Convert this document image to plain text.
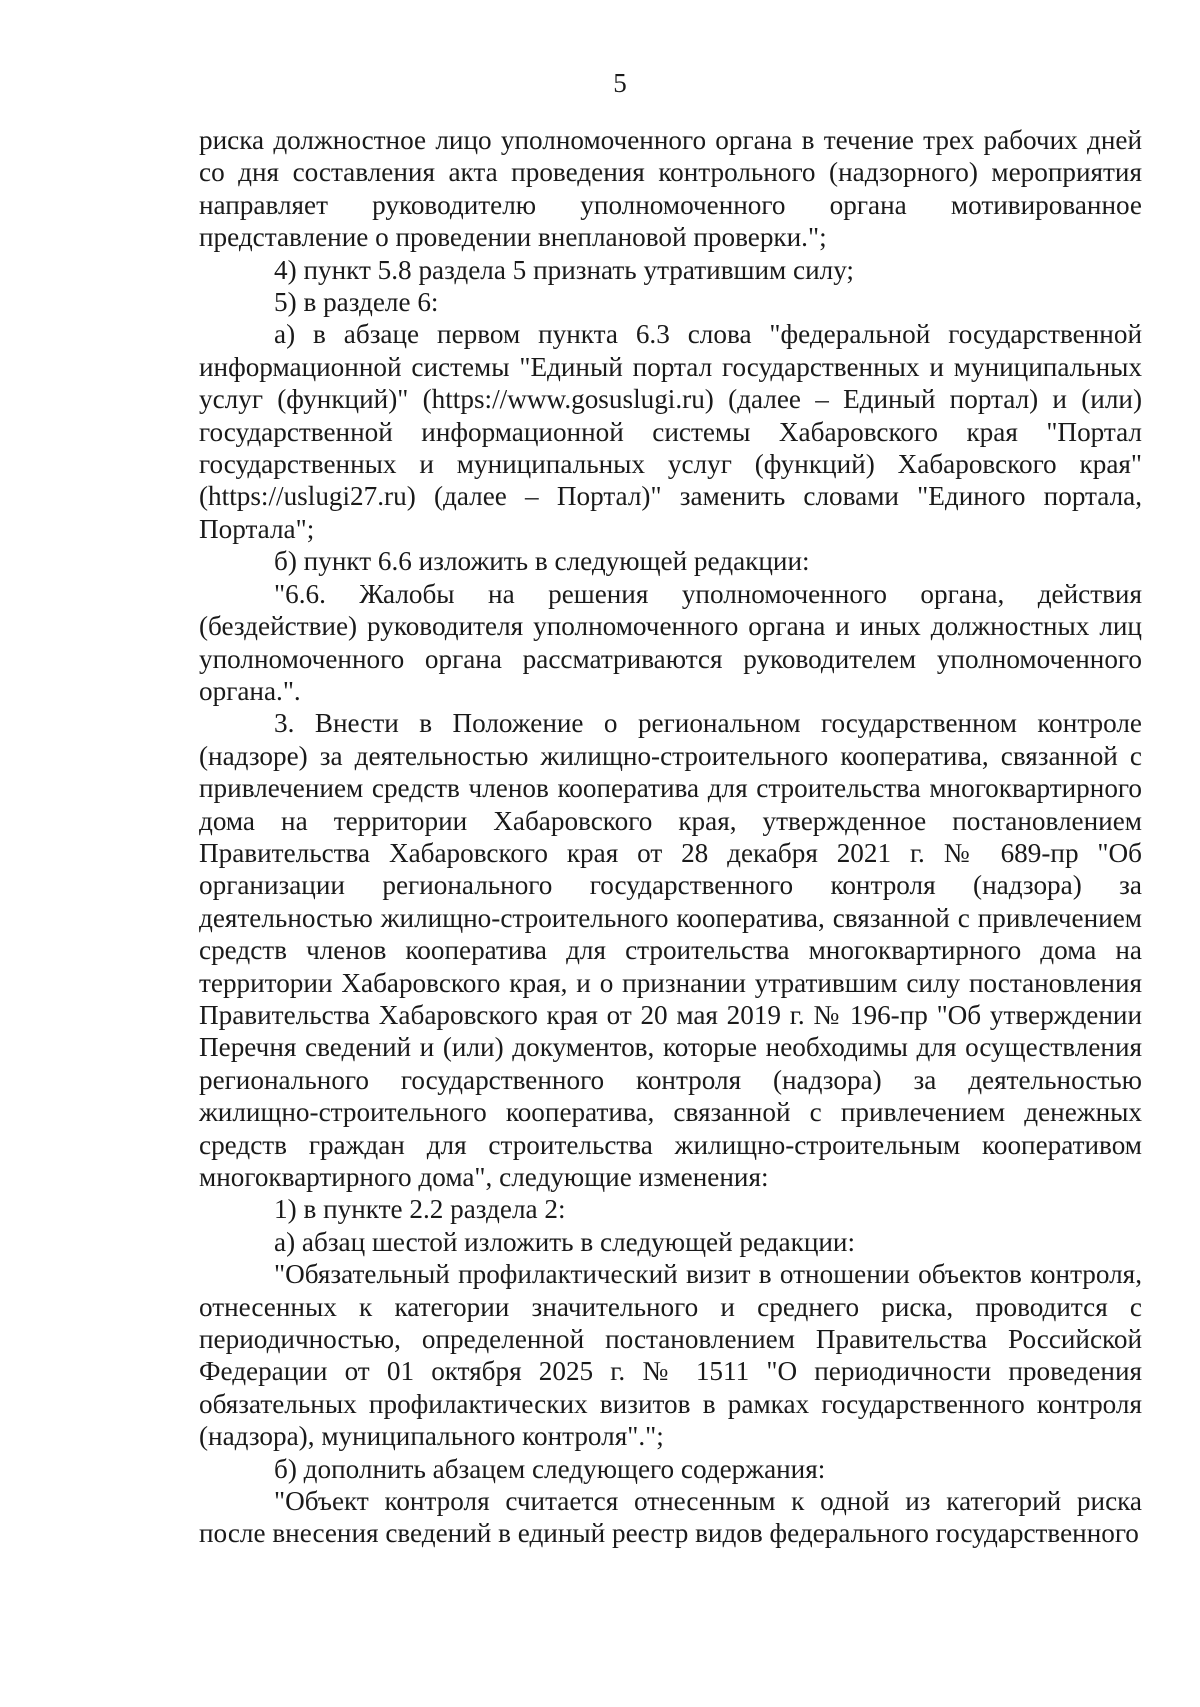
5

риска должностное лицо уполномоченного органа в течение трех рабочих дней со дня составления акта проведения контрольного (надзорного) мероприятия направляет руководителю уполномоченного органа мотивированное представление о проведении внеплановой проверки.";

4) пункт 5.8 раздела 5 признать утратившим силу;

5) в разделе 6:

а) в абзаце первом пункта 6.3 слова "федеральной государственной информационной системы "Единый портал государственных и муниципальных услуг (функций)" (https://www.gosuslugi.ru) (далее – Единый портал) и (или) государственной информационной системы Хабаровского края "Портал государственных и муниципальных услуг (функций) Хабаровского края" (https://uslugi27.ru) (далее – Портал)" заменить словами "Единого портала, Портала";

б) пункт 6.6 изложить в следующей редакции:

"6.6. Жалобы на решения уполномоченного органа, действия (бездействие) руководителя уполномоченного органа и иных должностных лиц уполномоченного органа рассматриваются руководителем уполномоченного органа.".

3. Внести в Положение о региональном государственном контроле (надзоре) за деятельностью жилищно-строительного кооператива, связанной с привлечением средств членов кооператива для строительства многоквартирного дома на территории Хабаровского края, утвержденное постановлением Правительства Хабаровского края от 28 декабря 2021 г. № 689-пр "Об организации регионального государственного контроля (надзора) за деятельностью жилищно-строительного кооператива, связанной с привлечением средств членов кооператива для строительства многоквартирного дома на территории Хабаровского края, и о признании утратившим силу постановления Правительства Хабаровского края от 20 мая 2019 г. № 196-пр "Об утверждении Перечня сведений и (или) документов, которые необходимы для осуществления регионального государственного контроля (надзора) за деятельностью жилищно-строительного кооператива, связанной с привлечением денежных средств граждан для строительства жилищно-строительным кооперативом многоквартирного дома", следующие изменения:

1) в пункте 2.2 раздела 2:

а) абзац шестой изложить в следующей редакции:

"Обязательный профилактический визит в отношении объектов контроля, отнесенных к категории значительного и среднего риска, проводится с периодичностью, определенной постановлением Правительства Российской Федерации от 01 октября 2025 г. № 1511 "О периодичности проведения обязательных профилактических визитов в рамках государственного контроля (надзора), муниципального контроля".";

б) дополнить абзацем следующего содержания:

"Объект контроля считается отнесенным к одной из категорий риска после внесения сведений в единый реестр видов федерального государственного
